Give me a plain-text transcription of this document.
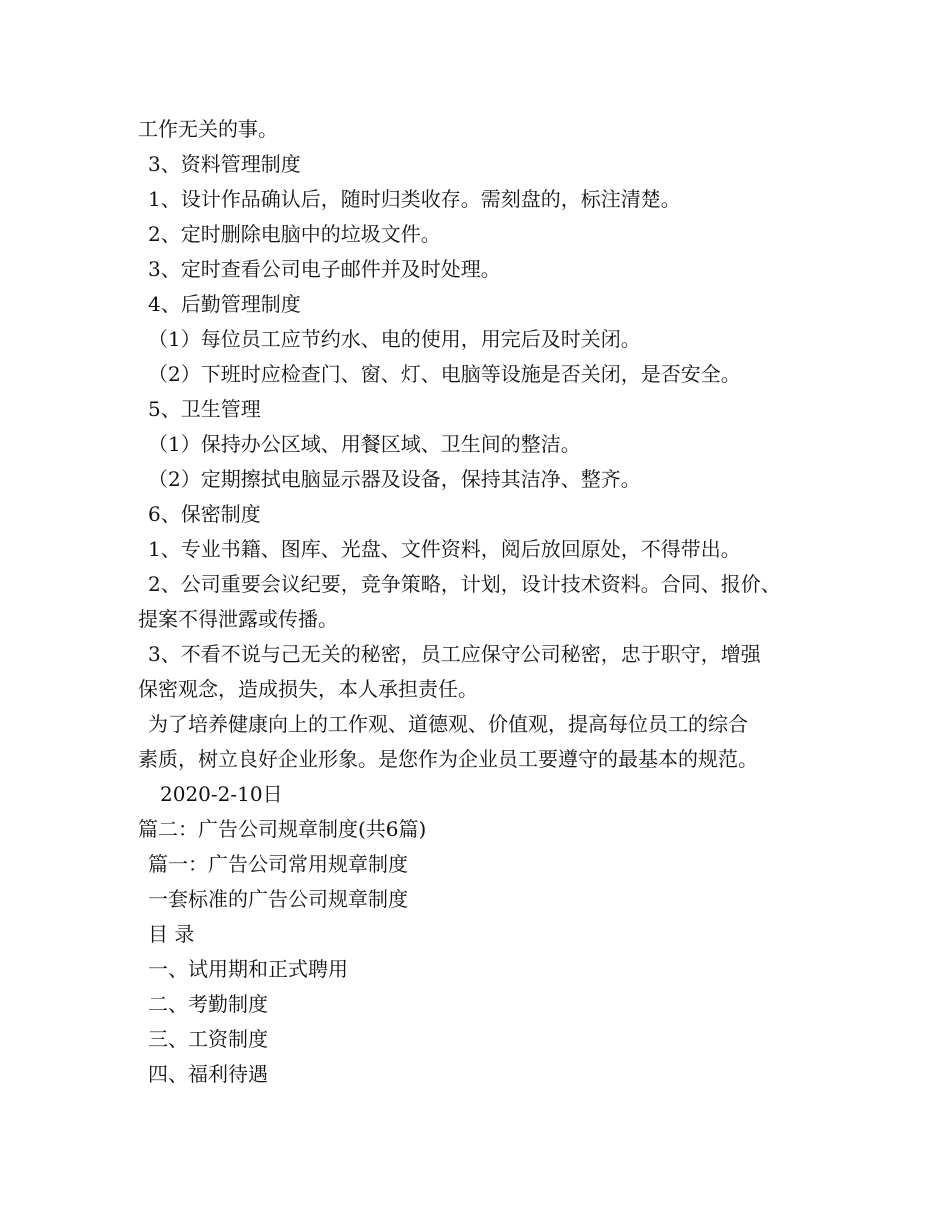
工作无关的事。
3、资料管理制度
1、设计作品确认后，随时归类收存。需刻盘的，标注清楚。
2、定时删除电脑中的垃圾文件。
3、定时查看公司电子邮件并及时处理。
4、后勤管理制度
（1）每位员工应节约水、电的使用，用完后及时关闭。
（2）下班时应检查门、窗、灯、电脑等设施是否关闭，是否安全。
5、卫生管理
（1）保持办公区域、用餐区域、卫生间的整洁。
（2）定期擦拭电脑显示器及设备，保持其洁净、整齐。
6、保密制度
1、专业书籍、图库、光盘、文件资料，阅后放回原处，不得带出。
2、公司重要会议纪要，竞争策略，计划，设计技术资料。合同、报价、
提案不得泄露或传播。
3、不看不说与己无关的秘密，员工应保守公司秘密，忠于职守，增强
保密观念，造成损失，本人承担责任。
为了培养健康向上的工作观、道德观、价值观，提高每位员工的综合
素质，树立良好企业形象。是您作为企业员工要遵守的最基本的规范。
2020-2-10日
篇二：广告公司规章制度(共6篇)
篇一：广告公司常用规章制度
一套标准的广告公司规章制度
目 录
一、试用期和正式聘用
二、考勤制度
三、工资制度
四、福利待遇
